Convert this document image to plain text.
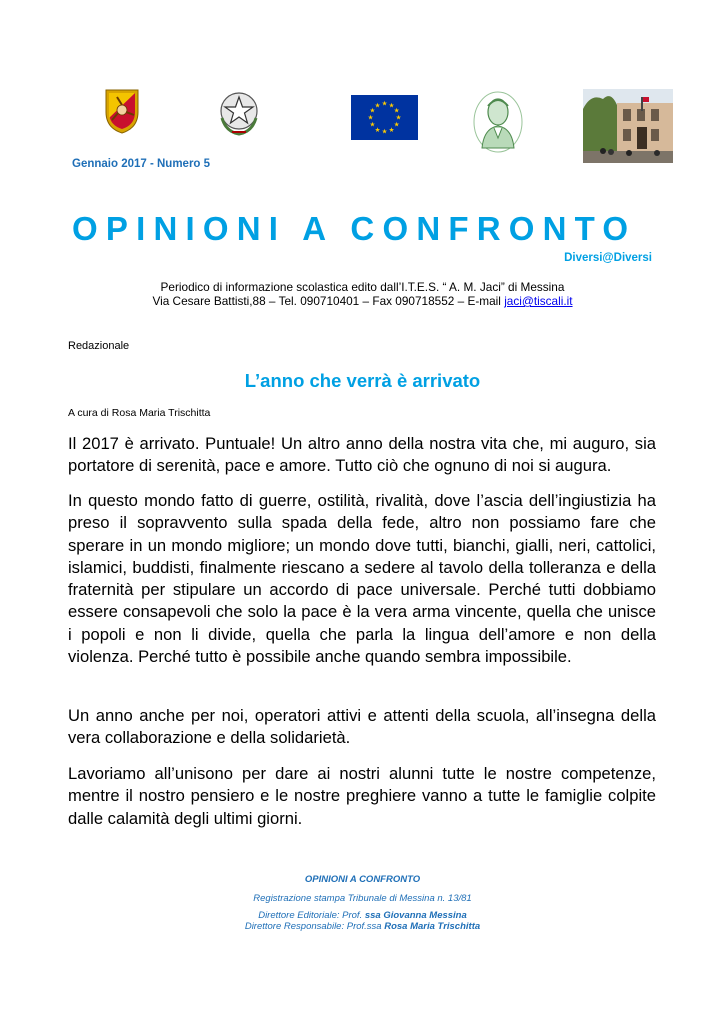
★ ★
★
★
★
★
★
★
★
★
★
★
Gennaio 2017 - Numero 5
OPINIONI A CONFRONTO
Diversi@Diversi
Periodico di informazione scolastica edito dall’I.T.E.S. “ A. M. Jaci” di Messina
Via Cesare Battisti,88 – Tel. 090710401 – Fax 090718552 – E-mail jaci@tiscali.it
Redazionale
L’anno che verrà è arrivato
A cura di Rosa Maria Trischitta
Il 2017 è arrivato. Puntuale! Un altro anno della nostra vita che, mi auguro, sia portatore di serenità, pace e amore. Tutto ciò che ognuno di noi si augura.
In questo mondo fatto di guerre, ostilità, rivalità, dove l’ascia dell’ingiustizia ha preso il sopravvento sulla spada della fede, altro non possiamo fare che sperare in un mondo migliore; un mondo dove tutti, bianchi, gialli, neri, cattolici, islamici, buddisti, finalmente riescano a sedere al tavolo della tolleranza e della fraternità per stipulare un accordo di pace universale. Perché tutti dobbiamo essere consapevoli che solo la pace è la vera arma vincente, quella che unisce i popoli e non li divide, quella che parla la lingua dell’amore e non della violenza. Perché tutto è possibile anche quando sembra impossibile.
Un anno anche per noi, operatori attivi e attenti della scuola, all’insegna della vera collaborazione e della solidarietà.
Lavoriamo all’unisono per dare ai nostri alunni tutte le nostre competenze, mentre il nostro pensiero e le nostre preghiere vanno a tutte le famiglie colpite dalle calamità degli ultimi giorni.
OPINIONI A CONFRONTO
Registrazione stampa Tribunale di Messina n. 13/81
Direttore Editoriale: Prof. ssa Giovanna Messina
Direttore Responsabile: Prof.ssa Rosa Maria Trischitta
